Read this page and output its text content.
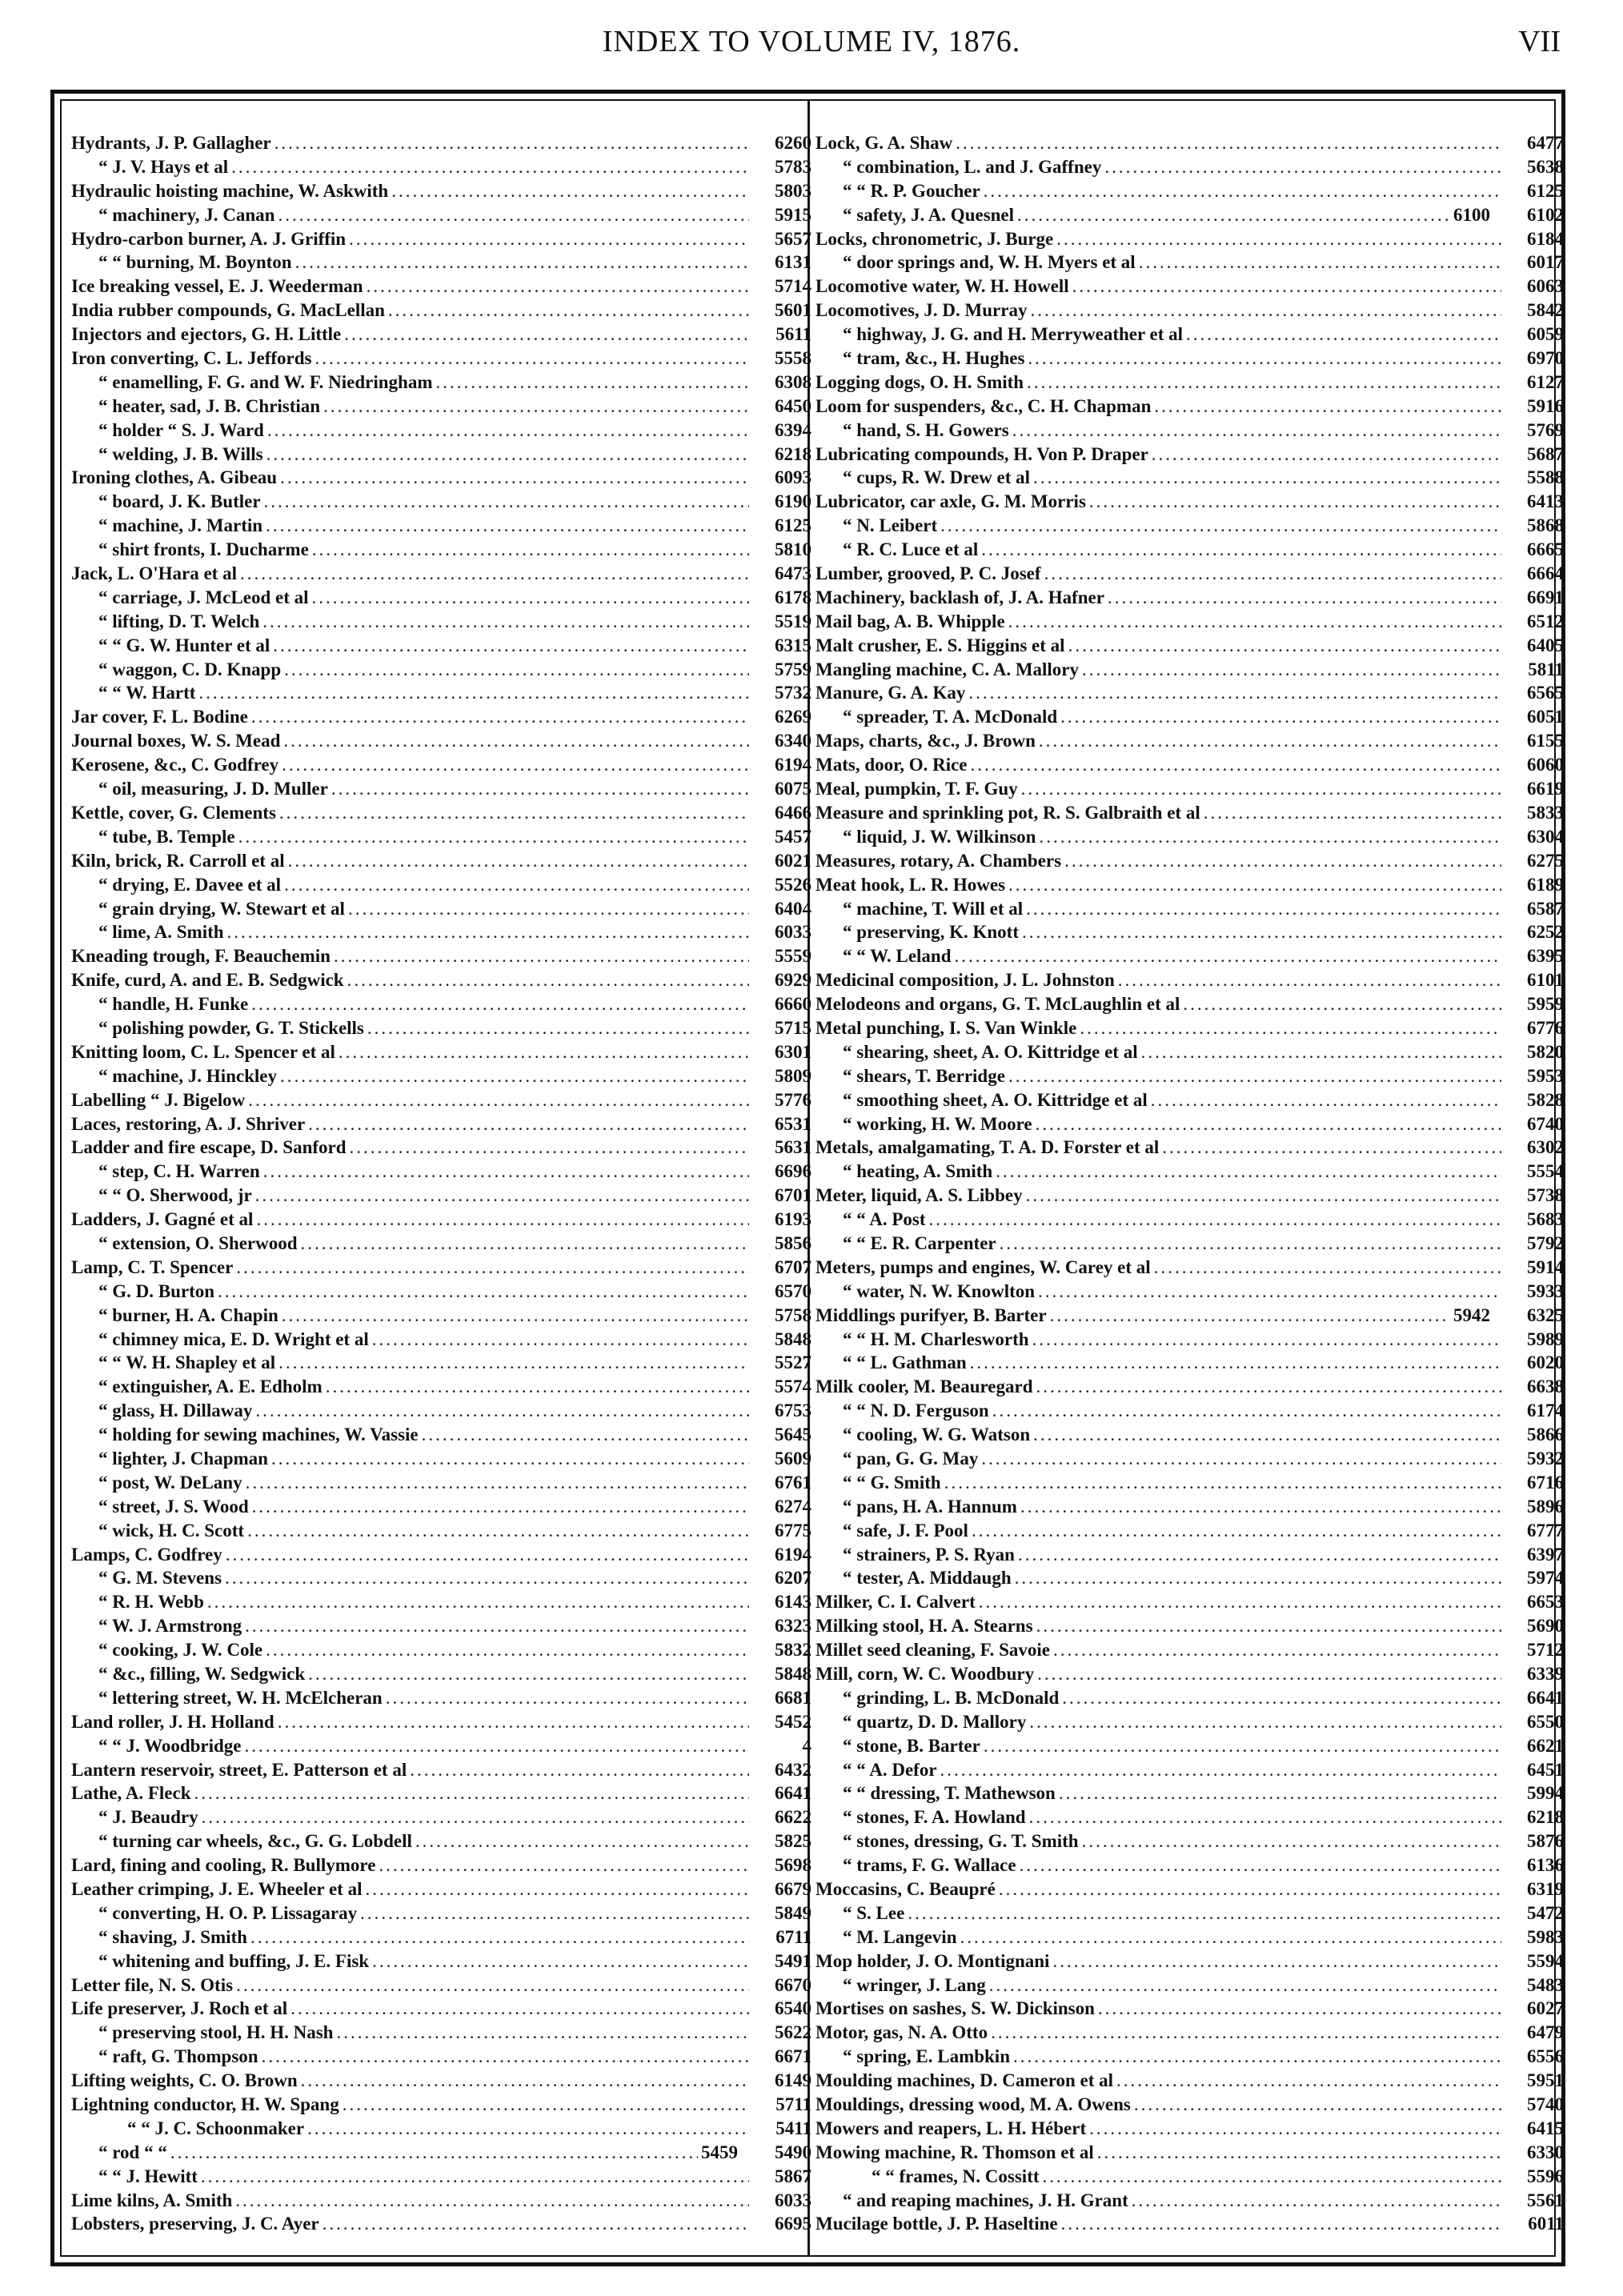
INDEX TO VOLUME IV, 1876.	VII
Hydrants, J. P. Gallagher .....	6260
“ J. V. Hays et al .....	5783
Hydraulic hoisting machine, W. Askwith .....	5803
“ machinery, J. Canan .....	5915
Hydro-carbon burner, A. J. Griffin .....	5657
“ “ burning, M. Boynton .....	6131
Ice breaking vessel, E. J. Weederman .....	5714
India rubber compounds, G. MacLellan .....	5601
Injectors and ejectors, G. H. Little .....	5611
Iron converting, C. L. Jeffords .....	5558
“ enamelling, F. G. and W. F. Niedringham .....	6308
“ heater, sad, J. B. Christian .....	6450
“ holder “ S. J. Ward .....	6394
“ welding, J. B. Wills .....	6218
Ironing clothes, A. Gibeau .....	6093
“ board, J. K. Butler .....	6190
“ machine, J. Martin .....	6125
“ shirt fronts, I. Ducharme .....	5810
Jack, L. O'Hara et al .....	6473
“ carriage, J. McLeod et al .....	6178
“ lifting, D. T. Welch .....	5519
“ “ G. W. Hunter et al .....	6315
“ waggon, C. D. Knapp .....	5759
“ “ W. Hartt .....	5732
Jar cover, F. L. Bodine .....	6269
Journal boxes, W. S. Mead .....	6340
Kerosene, &c., C. Godfrey .....	6194
“ oil, measuring, J. D. Muller .....	6075
Kettle, cover, G. Clements .....	6466
“ tube, B. Temple .....	5457
Kiln, brick, R. Carroll et al .....	6021
“ drying, E. Davee et al .....	5526
“ grain drying, W. Stewart et al .....	6404
“ lime, A. Smith .....	6033
Kneading trough, F. Beauchemin .....	5559
Knife, curd, A. and E. B. Sedgwick .....	6929
“ handle, H. Funke .....	6660
“ polishing powder, G. T. Stickells .....	5715
Knitting loom, C. L. Spencer et al .....	6301
“ machine, J. Hinckley .....	5809
Labelling “ J. Bigelow .....	5776
Laces, restoring, A. J. Shriver .....	6531
Ladder and fire escape, D. Sanford .....	5631
“ step, C. H. Warren .....	6696
“ “ O. Sherwood, jr .....	6701
Ladders, J. Gagné et al .....	6193
“ extension, O. Sherwood .....	5856
Lamp, C. T. Spencer .....	6707
“ G. D. Burton .....	6570
“ burner, H. A. Chapin .....	5758
“ chimney mica, E. D. Wright et al .....	5848
“ “ W. H. Shapley et al .....	5527
“ extinguisher, A. E. Edholm .....	5574
“ glass, H. Dillaway .....	6753
“ holding for sewing machines, W. Vassie .....	5645
“ lighter, J. Chapman .....	5609
“ post, W. DeLany .....	6761
“ street, J. S. Wood .....	6274
“ wick, H. C. Scott .....	6775
Lamps, C. Godfrey .....	6194
“ G. M. Stevens .....	6207
“ R. H. Webb .....	6143
“ W. J. Armstrong .....	6323
“ cooking, J. W. Cole .....	5832
“ &c., filling, W. Sedgwick .....	5848
“ lettering street, W. H. McElcheran .....	6681
Land roller, J. H. Holland .....	5452
“ “ J. Woodbridge .....	4
Lantern reservoir, street, E. Patterson et al .....	6432
Lathe, A. Fleck .....	6641
“ J. Beaudry .....	6622
“ turning car wheels, &c., G. G. Lobdell .....	5825
Lard, fining and cooling, R. Bullymore .....	5698
Leather crimping, J. E. Wheeler et al .....	6679
“ converting, H. O. P. Lissagaray .....	5849
“ shaving, J. Smith .....	6711
“ whitening and buffing, J. E. Fisk .....	5491
Letter file, N. S. Otis .....	6670
Life preserver, J. Roch et al .....	6540
“ preserving stool, H. H. Nash .....	5622
“ raft, G. Thompson .....	6671
Lifting weights, C. O. Brown .....	6149
Lightning conductor, H. W. Spang .....	5711
“ “ J. C. Schoonmaker .....	5411
“ rod “ “ .....	5459	5490
“ “ J. Hewitt .....	5867
Lime kilns, A. Smith .....	6033
Lobsters, preserving, J. C. Ayer .....	6695
Lock, G. A. Shaw .....	6477
“ combination, L. and J. Gaffney .....	5638
“ “ R. P. Goucher .....	6125
“ safety, J. A. Quesnel .....	6100	6102
Locks, chronometric, J. Burge .....	6184
“ door springs and, W. H. Myers et al .....	6017
Locomotive water, W. H. Howell .....	6063
Locomotives, J. D. Murray .....	5842
“ highway, J. G. and H. Merryweather et al .....	6059
“ tram, &c., H. Hughes .....	6970
Logging dogs, O. H. Smith .....	6127
Loom for suspenders, &c., C. H. Chapman .....	5916
“ hand, S. H. Gowers .....	5769
Lubricating compounds, H. Von P. Draper .....	5687
“ cups, R. W. Drew et al .....	5588
Lubricator, car axle, G. M. Morris .....	6413
“ N. Leibert .....	5868
“ R. C. Luce et al .....	6665
Lumber, grooved, P. C. Josef .....	6664
Machinery, backlash of, J. A. Hafner .....	6691
Mail bag, A. B. Whipple .....	6512
Malt crusher, E. S. Higgins et al .....	6405
Mangling machine, C. A. Mallory .....	5811
Manure, G. A. Kay .....	6565
“ spreader, T. A. McDonald .....	6051
Maps, charts, &c., J. Brown .....	6155
Mats, door, O. Rice .....	6060
Meal, pumpkin, T. F. Guy .....	6619
Measure and sprinkling pot, R. S. Galbraith et al .....	5833
“ liquid, J. W. Wilkinson .....	6304
Measures, rotary, A. Chambers .....	6275
Meat hook, L. R. Howes .....	6189
“ machine, T. Will et al .....	6587
“ preserving, K. Knott .....	6252
“ “ W. Leland .....	6395
Medicinal composition, J. L. Johnston .....	6101
Melodeons and organs, G. T. McLaughlin et al .....	5959
Metal punching, I. S. Van Winkle .....	6776
“ shearing, sheet, A. O. Kittridge et al .....	5820
“ shears, T. Berridge .....	5953
“ smoothing sheet, A. O. Kittridge et al .....	5828
“ working, H. W. Moore .....	6740
Metals, amalgamating, T. A. D. Forster et al .....	6302
“ heating, A. Smith .....	5554
Meter, liquid, A. S. Libbey .....	5738
“ “ A. Post .....	5683
“ “ E. R. Carpenter .....	5792
Meters, pumps and engines, W. Carey et al .....	5914
“ water, N. W. Knowlton .....	5933
Middlings purifyer, B. Barter .....	5942	6325
“ “ H. M. Charlesworth .....	5989
“ “ L. Gathman .....	6020
Milk cooler, M. Beauregard .....	6638
“ “ N. D. Ferguson .....	6174
“ cooling, W. G. Watson .....	5866
“ pan, G. G. May .....	5932
“ “ G. Smith .....	6716
“ pans, H. A. Hannum .....	5896
“ safe, J. F. Pool .....	6777
“ strainers, P. S. Ryan .....	6397
“ tester, A. Middaugh .....	5974
Milker, C. I. Calvert .....	6653
Milking stool, H. A. Stearns .....	5690
Millet seed cleaning, F. Savoie .....	5712
Mill, corn, W. C. Woodbury .....	6339
“ grinding, L. B. McDonald .....	6641
“ quartz, D. D. Mallory .....	6550
“ stone, B. Barter .....	6621
“ “ A. Defor .....	6451
“ “ dressing, T. Mathewson .....	5994
“ stones, F. A. Howland .....	6218
“ stones, dressing, G. T. Smith .....	5876
“ trams, F. G. Wallace .....	6136
Moccasins, C. Beaupré .....	6319
“ S. Lee .....	5472
“ M. Langevin .....	5983
Mop holder, J. O. Montignani .....	5594
“ wringer, J. Lang .....	5483
Mortises on sashes, S. W. Dickinson .....	6027
Motor, gas, N. A. Otto .....	6479
“ spring, E. Lambkin .....	6556
Moulding machines, D. Cameron et al .....	5951
Mouldings, dressing wood, M. A. Owens .....	5740
Mowers and reapers, L. H. Hébert .....	6415
Mowing machine, R. Thomson et al .....	6330
“ “ frames, N. Cossitt .....	5596
“ and reaping machines, J. H. Grant .....	5561
Mucilage bottle, J. P. Haseltine .....	6011
